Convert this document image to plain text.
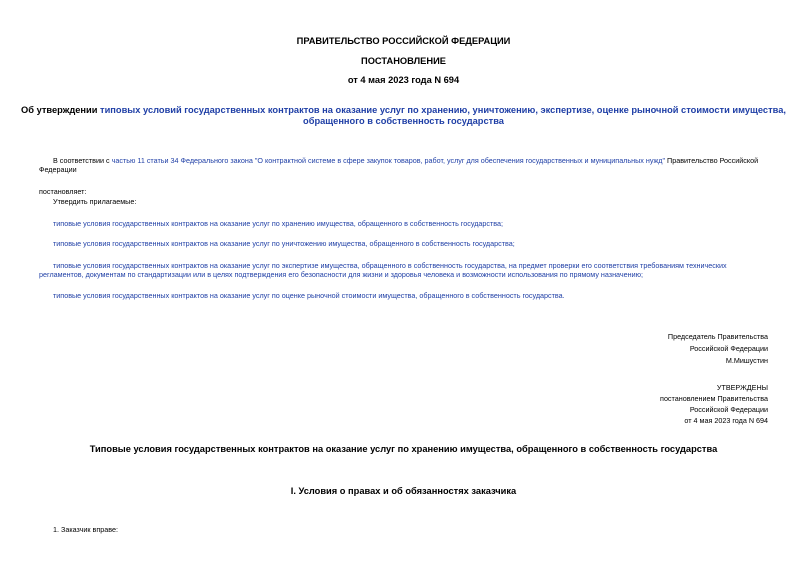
ПРАВИТЕЛЬСТВО РОССИЙСКОЙ ФЕДЕРАЦИИ
ПОСТАНОВЛЕНИЕ
от 4 мая 2023 года N 694
Об утверждении типовых условий государственных контрактов на оказание услуг по хранению, уничтожению, экспертизе, оценке рыночной стоимости имущества,
обращенного в собственность государства
В соответствии с частью 11 статьи 34 Федерального закона "О контрактной системе в сфере закупок товаров, работ, услуг для обеспечения государственных и муниципальных нужд" Правительство Российской
Федерации
постановляет:
Утвердить прилагаемые:
типовые условия государственных контрактов на оказание услуг по хранению имущества, обращенного в собственность государства;
типовые условия государственных контрактов на оказание услуг по уничтожению имущества, обращенного в собственность государства;
типовые условия государственных контрактов на оказание услуг по экспертизе имущества, обращенного в собственность государства, на предмет проверки его соответствия требованиям технических
регламентов, документам по стандартизации или в целях подтверждения его безопасности для жизни и здоровья человека и возможности использования по прямому назначению;
типовые условия государственных контрактов на оказание услуг по оценке рыночной стоимости имущества, обращенного в собственность государства.
Председатель Правительства
Российской Федерации
М.Мишустин
УТВЕРЖДЕНЫ
постановлением Правительства
Российской Федерации
от 4 мая 2023 года N 694
Типовые условия государственных контрактов на оказание услуг по хранению имущества, обращенного в собственность государства
I. Условия о правах и об обязанностях заказчика
1. Заказчик вправе:
